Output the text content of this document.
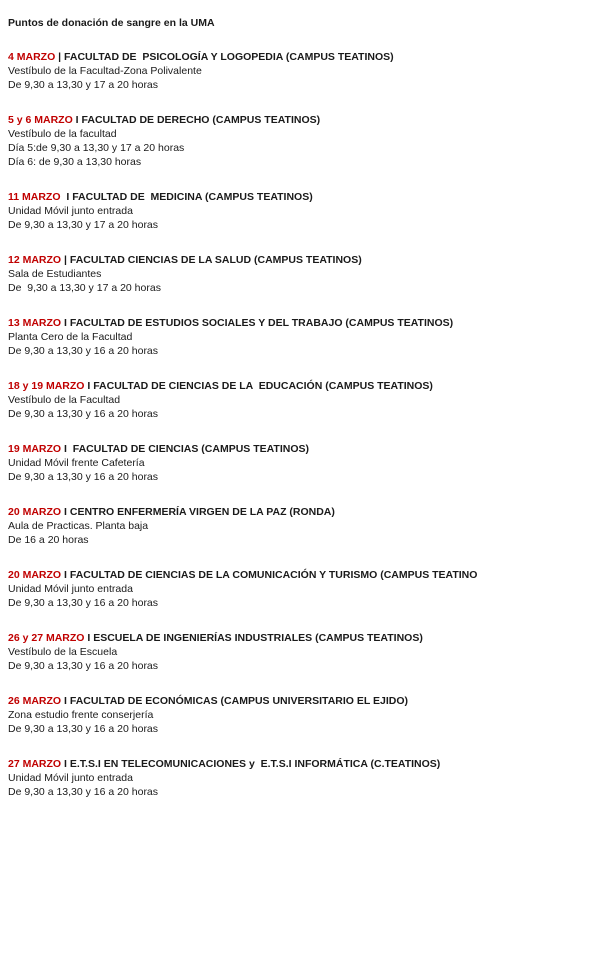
Puntos de donación de sangre en la UMA
4 MARZO | FACULTAD DE  PSICOLOGÍA Y LOGOPEDIA (CAMPUS TEATINOS)
Vestíbulo de la Facultad-Zona Polivalente
De 9,30 a 13,30 y 17 a 20 horas
5 y 6 MARZO I FACULTAD DE DERECHO (CAMPUS TEATINOS)
Vestíbulo de la facultad
Día 5:de 9,30 a 13,30 y 17 a 20 horas
Día 6: de 9,30 a 13,30 horas
11 MARZO  I FACULTAD DE  MEDICINA (CAMPUS TEATINOS)
Unidad Móvil junto entrada
De 9,30 a 13,30 y 17 a 20 horas
12 MARZO | FACULTAD CIENCIAS DE LA SALUD (CAMPUS TEATINOS)
Sala de Estudiantes
De  9,30 a 13,30 y 17 a 20 horas
13 MARZO I FACULTAD DE ESTUDIOS SOCIALES Y DEL TRABAJO (CAMPUS TEATINOS)
Planta Cero de la Facultad
De 9,30 a 13,30 y 16 a 20 horas
18 y 19 MARZO I FACULTAD DE CIENCIAS DE LA  EDUCACIÓN (CAMPUS TEATINOS)
Vestíbulo de la Facultad
De 9,30 a 13,30 y 16 a 20 horas
19 MARZO I  FACULTAD DE CIENCIAS (CAMPUS TEATINOS)
Unidad Móvil frente Cafetería
De 9,30 a 13,30 y 16 a 20 horas
20 MARZO I CENTRO ENFERMERÍA VIRGEN DE LA PAZ (RONDA)
Aula de Practicas. Planta baja
De 16 a 20 horas
20 MARZO I FACULTAD DE CIENCIAS DE LA COMUNICACIÓN Y TURISMO (CAMPUS TEATINO
Unidad Móvil junto entrada
De 9,30 a 13,30 y 16 a 20 horas
26 y 27 MARZO I ESCUELA DE INGENIERÍAS INDUSTRIALES (CAMPUS TEATINOS)
Vestíbulo de la Escuela
De 9,30 a 13,30 y 16 a 20 horas
26 MARZO I FACULTAD DE ECONÓMICAS (CAMPUS UNIVERSITARIO EL EJIDO)
Zona estudio frente conserjería
De 9,30 a 13,30 y 16 a 20 horas
27 MARZO I E.T.S.I EN TELECOMUNICACIONES y  E.T.S.I INFORMÁTICA (C.TEATINOS)
Unidad Móvil junto entrada
De 9,30 a 13,30 y 16 a 20 horas
